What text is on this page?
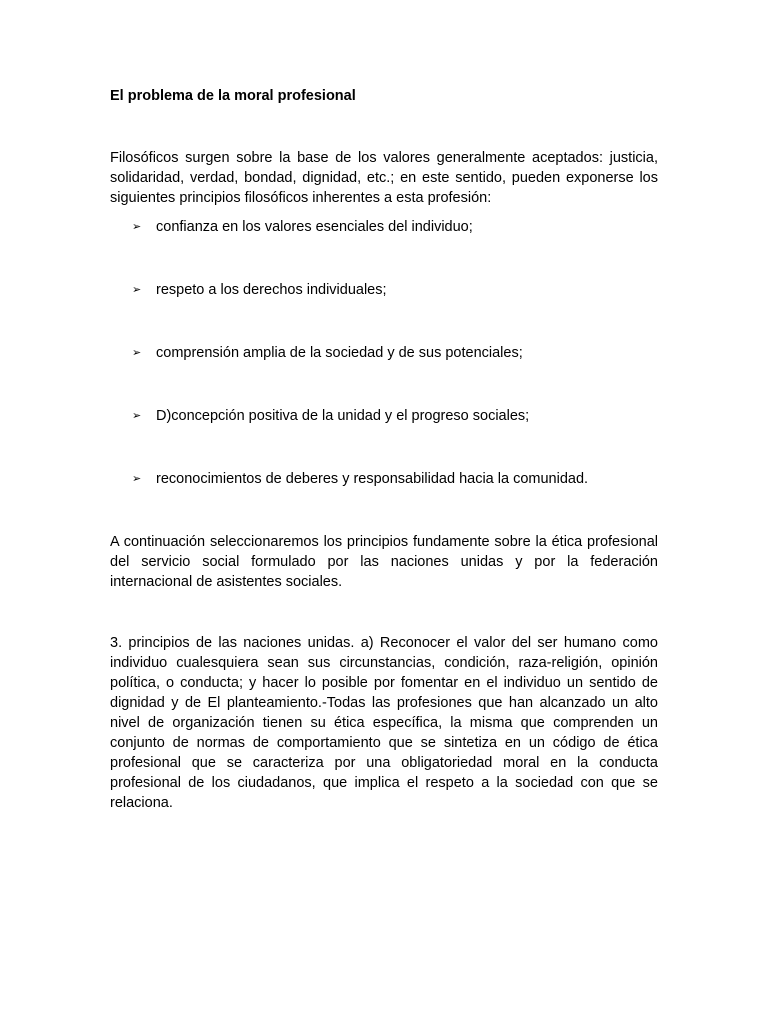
El problema de la moral profesional

Filosóficos surgen sobre la base de los valores generalmente aceptados: justicia, solidaridad, verdad, bondad, dignidad, etc.; en este sentido, pueden exponerse los siguientes principios filosóficos inherentes a esta profesión:

➢	confianza en los valores esenciales del individuo;
➢	respeto a los derechos individuales;
➢	comprensión amplia de la sociedad y de sus potenciales;
➢	D)concepción positiva de la unidad y el progreso sociales;
➢	reconocimientos de deberes y responsabilidad hacia la comunidad.

A continuación seleccionaremos los principios fundamente sobre la ética profesional del servicio social formulado por las naciones unidas y por la federación internacional de asistentes sociales.

3. principios de las naciones unidas. a) Reconocer el valor del ser humano como individuo cualesquiera sean sus circunstancias, condición, raza-religión, opinión política, o conducta; y hacer lo posible por fomentar en el individuo un sentido de dignidad y de El planteamiento.-Todas las profesiones que han alcanzado un alto nivel de organización tienen su ética específica, la misma que comprenden un conjunto de normas de comportamiento que se sintetiza en un código de ética profesional que se caracteriza por una obligatoriedad moral en la conducta profesional de los ciudadanos, que implica el respeto a la sociedad con que se relaciona.
